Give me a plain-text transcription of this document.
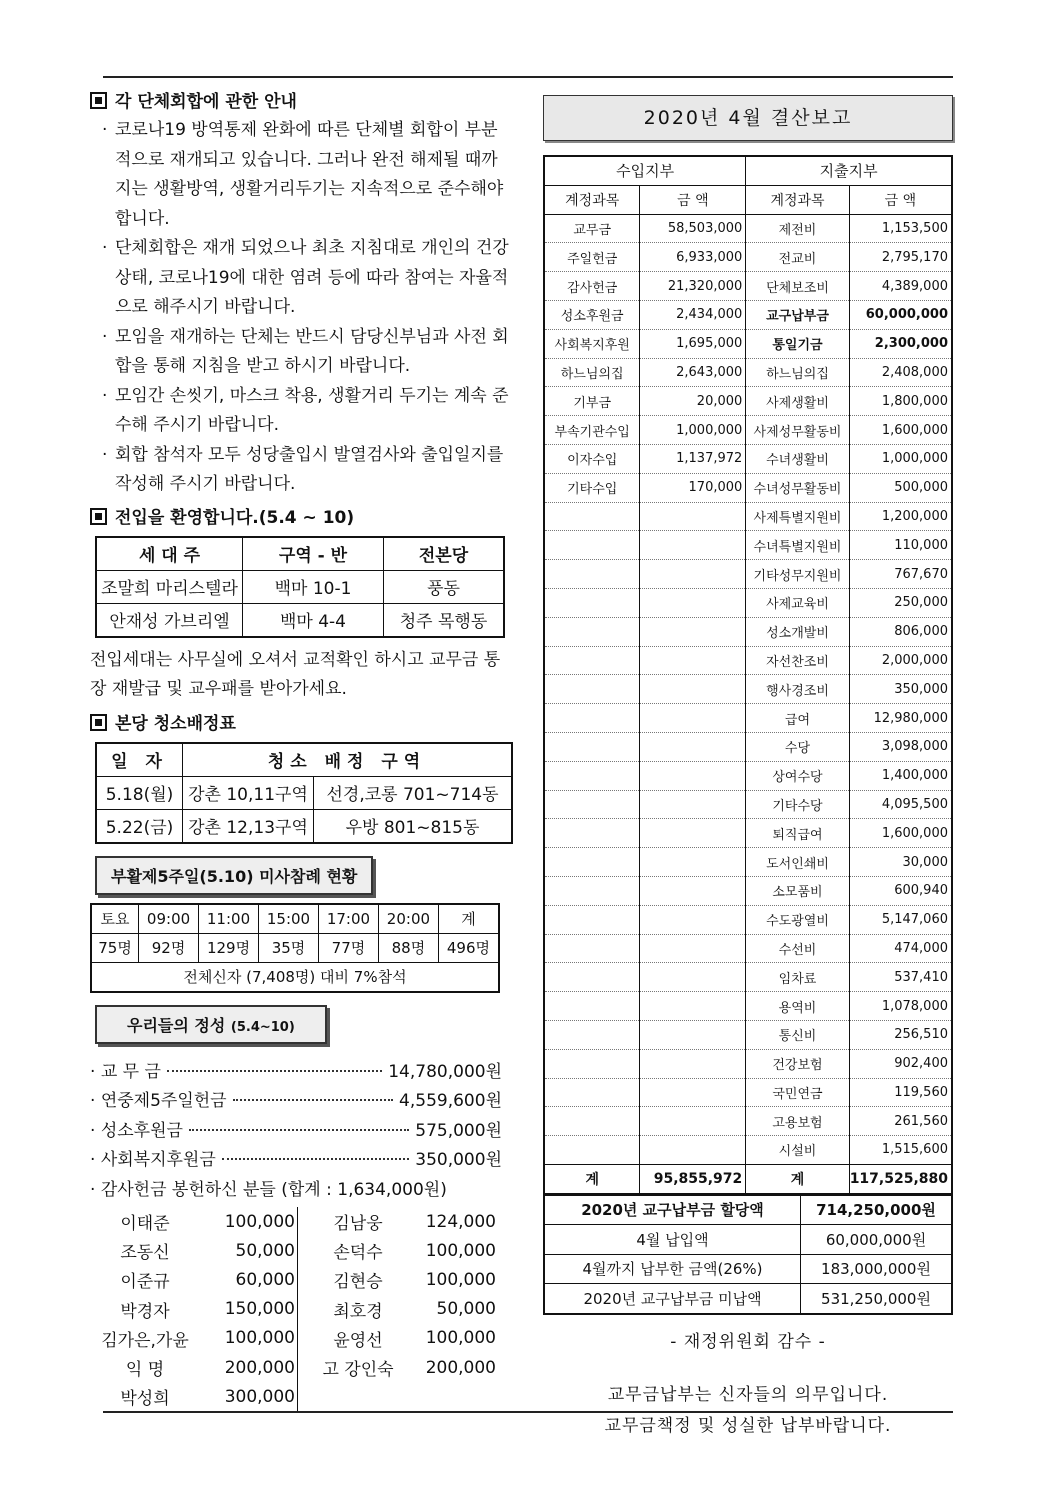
각 단체회합에 관한 안내
· 코로나19 방역통제 완화에 따른 단체별 회합이 부분적으로 재개되고 있습니다. 그러나 완전 해제될 때까지는 생활방역, 생활거리두기는 지속적으로 준수해야 합니다.
· 단체회합은 재개 되었으나 최초 지침대로 개인의 건강상태, 코로나19에 대한 염려 등에 따라 참여는 자율적으로 해주시기 바랍니다.
· 모임을 재개하는 단체는 반드시 담당신부님과 사전 회합을 통해 지침을 받고 하시기 바랍니다.
· 모임간 손씻기, 마스크 착용, 생활거리 두기는 계속 준수해 주시기 바랍니다.
· 회합 참석자 모두 성당출입시 발열검사와 출입일지를 작성해 주시기 바랍니다.
전입을 환영합니다.(5.4 ~ 10)
세 대 주	구역 - 반	전본당
조말희 마리스텔라	백마 10-1	풍동
안재성 가브리엘	백마 4-4	청주 목행동

전입세대는 사무실에 오셔서 교적확인 하시고 교무금 통장 재발급 및 교우패를 받아가세요.

본당 청소배정표
일 자	청소 배정 구역	
5.18(월)	강촌 10,11구역	선경,코롱 701~714동
5.22(금)	강촌 12,13구역	우방 801~815동
부활제5주일(5.10) 미사참례 현황
토요	09:00	11:00	15:00	17:00	20:00	계
75명	92명	129명	35명	77명	88명	496명
전체신자 (7,408명) 대비 7%참석						
우리들의 정성 (5.4~10)
· 교 무 금	14,780,000원
· 연중제5주일헌금	4,559,600원
· 성소후원금	575,000원
· 사회복지후원금	350,000원
· 감사헌금 봉헌하신 분들 (합계 : 1,634,000원)
이태준	100,000	김남웅	124,000
조동신	50,000	손덕수	100,000
이준규	60,000	김현승	100,000
박경자	150,000	최호경	50,000
김가은,가윤	100,000	윤영선	100,000
익 명	200,000	고 강인숙	200,000
박성희	300,000		
2020년 4월 결산보고
수입지부		지출지부	
계정과목	금 액	계정과목	금 액
교무금	58,503,000	제전비	1,153,500
주일헌금	6,933,000	전교비	2,795,170
감사헌금	21,320,000	단체보조비	4,389,000
성소후원금	2,434,000	교구납부금	60,000,000
사회복지후원	1,695,000	통일기금	2,300,000
하느님의집	2,643,000	하느님의집	2,408,000
기부금	20,000	사제생활비	1,800,000
부속기관수입	1,000,000	사제성무활동비	1,600,000
이자수입	1,137,972	수녀생활비	1,000,000
기타수입	170,000	수녀성무활동비	500,000
		사제특별지원비	1,200,000
		수녀특별지원비	110,000
		기타성무지원비	767,670
		사제교육비	250,000
		성소개발비	806,000
		자선찬조비	2,000,000
		행사경조비	350,000
		급여	12,980,000
		수당	3,098,000
		상여수당	1,400,000
		기타수당	4,095,500
		퇴직급여	1,600,000
		도서인쇄비	30,000
		소모품비	600,940
		수도광열비	5,147,060
		수선비	474,000
		임차료	537,410
		용역비	1,078,000
		통신비	256,510
		건강보험	902,400
		국민연금	119,560
		고용보험	261,560
		시설비	1,515,600
계	95,855,972	계	117,525,880
2020년 교구납부금 할당액	714,250,000원
4월 납입액	60,000,000원
4월까지 납부한 금액(26%)	183,000,000원
2020년 교구납부금 미납액	531,250,000원
- 재정위원회 감수 -
교무금납부는 신자들의 의무입니다.
교무금책정 및 성실한 납부바랍니다.
